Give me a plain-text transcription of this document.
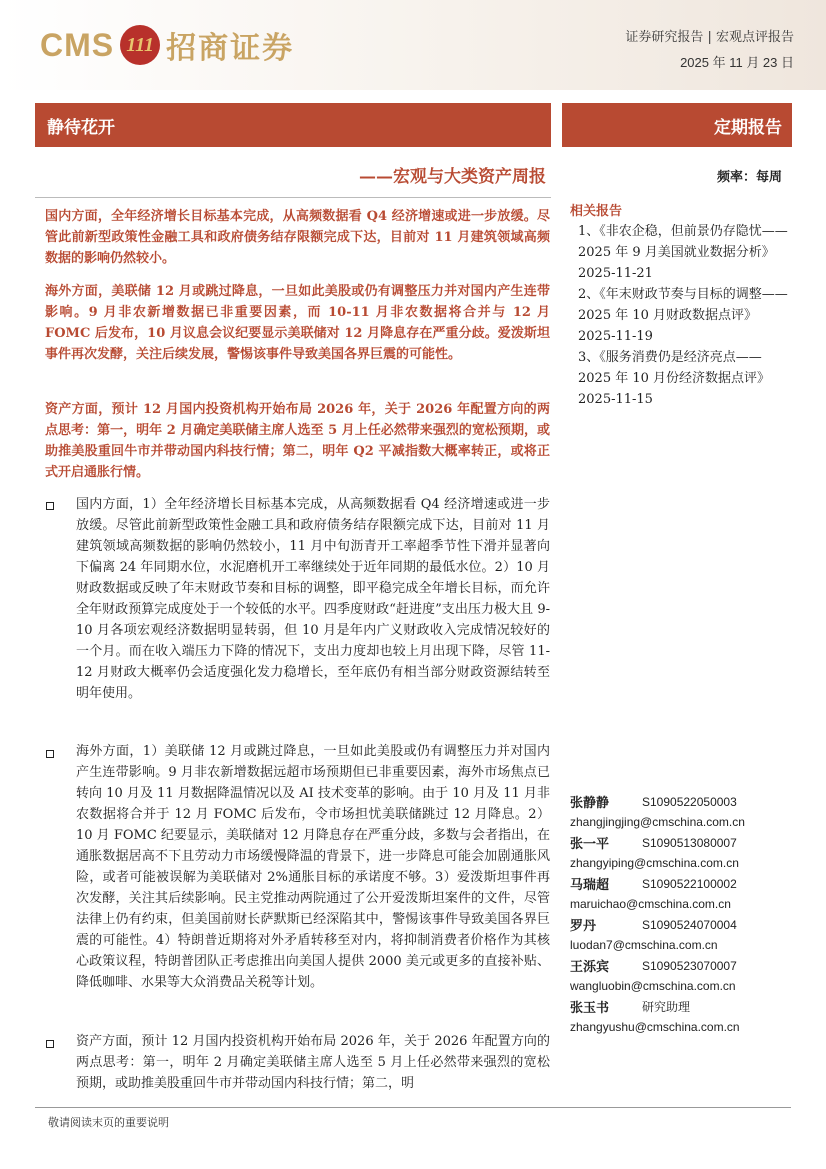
CMS 111 招商证券	证券研究报告 | 宏观点评报告
2025 年 11 月 23 日
静待花开	定期报告
——宏观与大类资产周报	频率：每周
国内方面，全年经济增长目标基本完成，从高频数据看 Q4 经济增速或进一步放缓。尽管此前新型政策性金融工具和政府债务结存限额完成下达，目前对 11 月建筑领域高频数据的影响仍然较小。
海外方面，美联储 12 月或跳过降息，一旦如此美股或仍有调整压力并对国内产生连带影响。9 月非农新增数据已非重要因素，而 10-11 月非农数据将合并与 12 月 FOMC 后发布，10 月议息会议纪要显示美联储对 12 月降息存在严重分歧。爱泼斯坦事件再次发酵，关注后续发展，警惕该事件导致美国各界巨震的可能性。
资产方面，预计 12 月国内投资机构开始布局 2026 年，关于 2026 年配置方向的两点思考：第一，明年 2 月确定美联储主席人选至 5 月上任必然带来强烈的宽松预期，或助推美股重回牛市并带动国内科技行情；第二，明年 Q2 平减指数大概率转正，或将正式开启通胀行情。
国内方面，1）全年经济增长目标基本完成，从高频数据看 Q4 经济增速或进一步放缓。尽管此前新型政策性金融工具和政府债务结存限额完成下达，目前对 11 月建筑领域高频数据的影响仍然较小，11 月中旬沥青开工率超季节性下滑并显著向下偏离 24 年同期水位，水泥磨机开工率继续处于近年同期的最低水位。2）10 月财政数据或反映了年末财政节奏和目标的调整，即平稳完成全年增长目标，而允许全年财政预算完成度处于一个较低的水平。四季度财政“赶进度”支出压力极大且 9-10 月各项宏观经济数据明显转弱，但 10 月是年内广义财政收入完成情况较好的一个月。而在收入端压力下降的情况下，支出力度却也较上月出现下降，尽管 11-12 月财政大概率仍会适度强化发力稳增长，至年底仍有相当部分财政资源结转至明年使用。
海外方面，1）美联储 12 月或跳过降息，一旦如此美股或仍有调整压力并对国内产生连带影响。9 月非农新增数据远超市场预期但已非重要因素，海外市场焦点已转向 10 月及 11 月数据降温情况以及 AI 技术变革的影响。由于 10 月及 11 月非农数据将合并于 12 月 FOMC 后发布，令市场担忧美联储跳过 12 月降息。2）10 月 FOMC 纪要显示，美联储对 12 月降息存在严重分歧，多数与会者指出，在通胀数据居高不下且劳动力市场缓慢降温的背景下，进一步降息可能会加剧通胀风险，或者可能被误解为美联储对 2%通胀目标的承诺度不够。3）爱泼斯坦事件再次发酵，关注其后续影响。民主党推动两院通过了公开爱泼斯坦案件的文件，尽管法律上仍有约束，但美国前财长萨默斯已经深陷其中，警惕该事件导致美国各界巨震的可能性。4）特朗普近期将对外矛盾转移至对内，将抑制消费者价格作为其核心政策议程，特朗普团队正考虑推出向美国人提供 2000 美元或更多的直接补贴、降低咖啡、水果等大众消费品关税等计划。
资产方面，预计 12 月国内投资机构开始布局 2026 年，关于 2026 年配置方向的两点思考：第一，明年 2 月确定美联储主席人选至 5 月上任必然带来强烈的宽松预期，或助推美股重回牛市并带动国内科技行情；第二，明
相关报告
1、《非农企稳，但前景仍存隐忧——2025 年 9 月美国就业数据分析》2025-11-21
2、《年末财政节奏与目标的调整——2025 年 10 月财政数据点评》2025-11-19
3、《服务消费仍是经济亮点——2025 年 10 月份经济数据点评》2025-11-15
张静静	S1090522050003
zhangjingjing@cmschina.com.cn
张一平	S1090513080007
zhangyiping@cmschina.com.cn
马瑞超	S1090522100002
maruichao@cmschina.com.cn
罗丹	S1090524070004
luodan7@cmschina.com.cn
王泺宾	S1090523070007
wangluobin@cmschina.com.cn
张玉书	研究助理
zhangyushu@cmschina.com.cn
敬请阅读末页的重要说明
